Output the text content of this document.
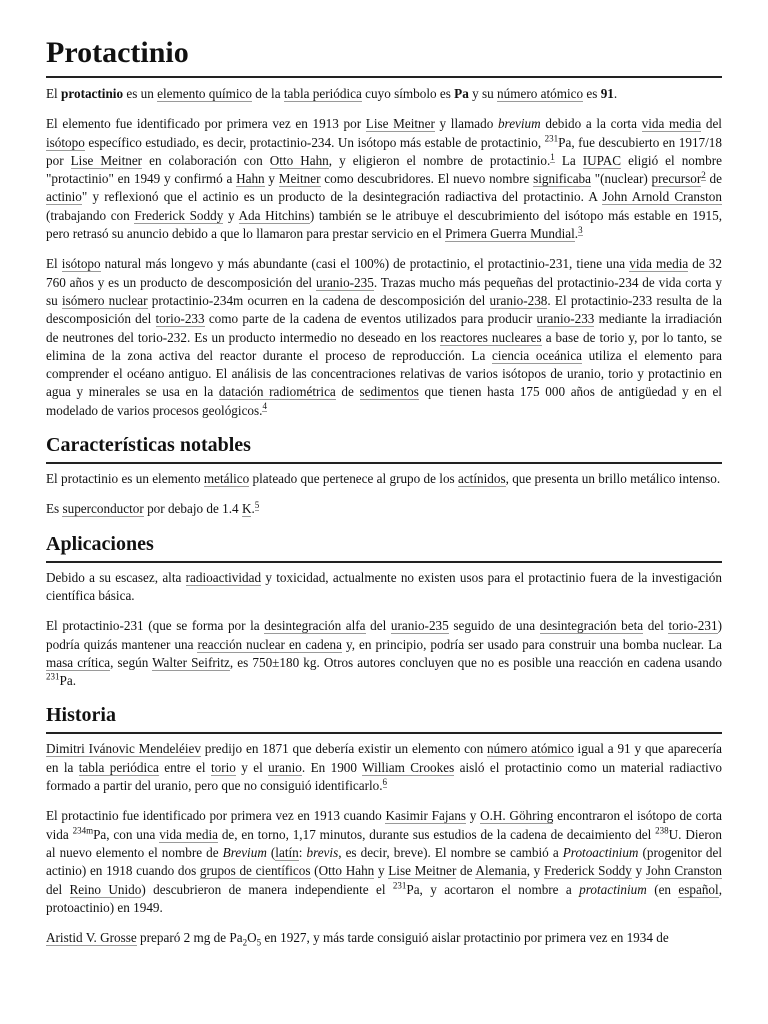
Protactinio

El protactinio es un elemento químico de la tabla periódica cuyo símbolo es Pa y su número atómico es 91.

El elemento fue identificado por primera vez en 1913 por Lise Meitner y llamado brevium debido a la corta vida media del isótopo específico estudiado, es decir, protactinio-234. Un isótopo más estable de protactinio, $^{231}$Pa, fue descubierto en 1917/18 por Lise Meitner en colaboración con Otto Hahn, y eligieron el nombre de protactinio.$^1$ La IUPAC eligió el nombre "protactinio" en 1949 y confirmó a Hahn y Meitner como descubridores. El nuevo nombre significaba "(nuclear) precursor$^2$ de actinio" y reflexionó que el actinio es un producto de la desintegración radiactiva del protactinio. A John Arnold Cranston (trabajando con Frederick Soddy y Ada Hitchins) también se le atribuye el descubrimiento del isótopo más estable en 1915, pero retrasó su anuncio debido a que lo llamaron para prestar servicio en el Primera Guerra Mundial.$^3$

El isótopo natural más longevo y más abundante (casi el 100%) de protactinio, el protactinio-231, tiene una vida media de 32 760 años y es un producto de descomposición del uranio-235. Trazas mucho más pequeñas del protactinio-234 de vida corta y su isómero nuclear protactinio-234m ocurren en la cadena de descomposición del uranio-238. El protactinio-233 resulta de la descomposición del torio-233 como parte de la cadena de eventos utilizados para producir uranio-233 mediante la irradiación de neutrones del torio-232. Es un producto intermedio no deseado en los reactores nucleares a base de torio y, por lo tanto, se elimina de la zona activa del reactor durante el proceso de reproducción. La ciencia oceánica utiliza el elemento para comprender el océano antiguo. El análisis de las concentraciones relativas de varios isótopos de uranio, torio y protactinio en agua y minerales se usa en la datación radiométrica de sedimentos que tienen hasta 175 000 años de antigüedad y en el modelado de varios procesos geológicos.$^4$

Características notables

El protactinio es un elemento metálico plateado que pertenece al grupo de los actínidos, que presenta un brillo metálico intenso.

Es superconductor por debajo de 1.4 K.$^5$

Aplicaciones

Debido a su escasez, alta radioactividad y toxicidad, actualmente no existen usos para el protactinio fuera de la investigación científica básica.

El protactinio-231 (que se forma por la desintegración alfa del uranio-235 seguido de una desintegración beta del torio-231) podría quizás mantener una reacción nuclear en cadena y, en principio, podría ser usado para construir una bomba nuclear. La masa crítica, según Walter Seifritz, es 750±180 kg. Otros autores concluyen que no es posible una reacción en cadena usando $^{231}$Pa.

Historia

Dimitri Ivánovic Mendeléiev predijo en 1871 que debería existir un elemento con número atómico igual a 91 y que aparecería en la tabla periódica entre el torio y el uranio. En 1900 William Crookes aisló el protactinio como un material radiactivo formado a partir del uranio, pero que no consiguió identificarlo.$^6$

El protactinio fue identificado por primera vez en 1913 cuando Kasimir Fajans y O.H. Göhring encontraron el isótopo de corta vida $^{234m}$Pa, con una vida media de, en torno, 1,17 minutos, durante sus estudios de la cadena de decaimiento del $^{238}$U. Dieron al nuevo elemento el nombre de Brevium (latín: brevis, es decir, breve). El nombre se cambió a Protoactinium (progenitor del actinio) en 1918 cuando dos grupos de científicos (Otto Hahn y Lise Meitner de Alemania, y Frederick Soddy y John Cranston del Reino Unido) descubrieron de manera independiente el $^{231}$Pa, y acortaron el nombre a protactinium (en español, protoactinio) en 1949.

Aristid V. Grosse preparó 2 mg de $Pa_2O_5$ en 1927, y más tarde consiguió aislar protactinio por primera vez en 1934 de
